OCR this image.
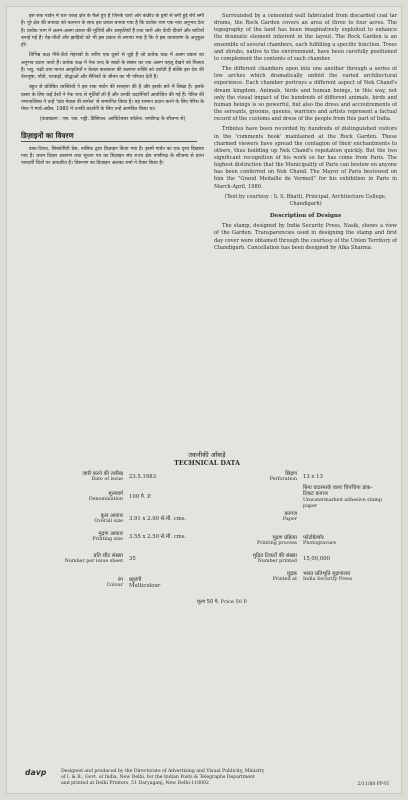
इस राक गार्डन में चार एकड़ क्षेत्र के फैले हुए है जिनके चारों ओर कंक्रीट के ड्रमों से बनी हुई बेंचें लगी है। पूरे क्षेत्र की बनावट को कल्पना के साथ इस प्रकार बनाया गया है कि प्रत्येक भाग एक नया अनुभव देता है। प्रत्येक भाग में अलग-अलग प्रकार की मूर्तियाँ और आकृतियाँ हैं तथा चारों ओर ऊँची दीवारें और घाटियाँ बनाई गई हैं। पेड़-पौधों और झाड़ियों को भी इस प्रकार से लगाया गया है कि वे इस वातावरण के अनुकूल हों।

विभिन्न कक्ष नीचे-ऊँचे मेहराबों के जरिए एक दूसरे से जुड़े हैं जो प्रत्येक कक्ष में अलग प्रकार का अनुभव प्रदान करते हैं। प्रत्येक कक्ष में नेक चन्द के स्वप्नों के संसार का एक अलग पहलू देखने को मिलता है। पशु, पक्षी तथा मानव आकृतियाँ न केवल कलाकार की कल्पना शक्ति को दर्शाती हैं बल्कि इस देश की वेशभूषा, गाँवों, चरवाहों, योद्धाओं और सैनिकों के जीवन का भी परिचय देती हैं।

बहुत से प्रतिष्ठित व्यक्तियों ने इस राक गार्डन की सराहना की है और इसके बारे में लिखा है। इसके प्रसार के लिए कई देशों ने नेक चन्द से मूर्तियाँ ली हैं और उनकी प्रदर्शनियाँ आयोजित की गई हैं। पेरिस की नगरपालिका ने उन्हें 'ग्रांड मेडाल डी वरमेल' से सम्मानित किया है। यह सम्मान प्रदान करने के लिए पेरिस के मेयर ने मार्च-अप्रैल, 1980 में उनकी प्रदर्शनी के लिए उन्हें आमंत्रित किया था।

(पाठ्यक्रम : एस. एस. भट्टी, प्रिंसिपल, आर्किटेक्चर कॉलेज, चण्डीगढ़ के सौजन्य से)

डिज़ाइनों का विवरण

डाक-टिकट, सिक्योरिटी प्रेस, नासिक द्वारा डिज़ाइन किया गया है। इसमें गार्डन का एक दृश्य दिखाया गया है। प्रथम दिवस आवरण तथा सूचना पत्र का डिज़ाइन संघ राज्य क्षेत्र चण्डीगढ़ के सौजन्य से प्राप्त पारदर्शी चित्रों पर आधारित है। विरूपण का डिज़ाइन अलका शर्मा ने तैयार किया है।

Surrounded by a cemented wall fabricated from discarded coal tar drums, the Rock Garden covers an area of three to four acres. The topography of the land has been imaginatively exploited to enhance the dramatic element inherent in the layout. The Rock Garden is an ensemble of several chambers, each fulfilling a specific function. Trees and shrubs, native to the environment, have been carefully positioned to complement the contents of each chamber.

The different chambers open into one another through a series of low arches which dramatically unfold the varied architectural experience. Each chamber portrays a different aspect of Nek Chand's dream kingdom. Animals, birds and human beings, in this way, not only the visual impact of the hundreds of different animals, birds and human beings is so powerful, but also the dress and accoutrements of the servants, grooms, queens, warriors and artists represent a factual record of the customs and dress of the people from this part of India.

Tributes have been recorded by hundreds of distinguished visitors in the 'comments book' maintained at the Rock Garden. These charmed viewers have spread the contagion of their enchantments to others, thus building up Nek Chand's reputation quickly. But the two significant recognition of his work so far has come from Paris. The highest distinction that the Municipality of Paris can bestow on anyone has been conferred on Nek Chand. The Mayor of Paris bestowed on him the "Grand Medaille de Vermeil" for his exhibition in Paris in March-April, 1980.

(Text by courtesy : S. S. Bhatti, Principal, Architecture College, Chandigarh)

Description of Designs

The stamp, designed by India Security Press, Nasik, shows a view of the Garden. Transparencies used in designing the stamp and first day cover were obtained through the courtesy of the Union Territory of Chandigarh. Cancellation has been designed by Alka Sharma.

तकनीकी आँकड़े
TECHNICAL DATA
जारी करने की तारीख
Date of issue 23.5.1983
मूल्यवर्ग
Denomination 100 पै. P.
कुल आकार
Overall size 3.91 x 2.90 से.मी. cms.
मुद्रण आकार
Printing size 3.55 x 2.50 से.मी. cms.
प्रति शीट संख्या
Number per issue sheet 35
रंग
Colour
बहुरंगी
Multicolour
छिद्रण
Perforation 13 x 13
कागज
Paper
बिना वाटरमार्क वाला चिपचिपा डाक-टिकट कागज
Unwatermarked adhesive stamp paper
मुद्रण प्रक्रिया
Printing process
फोटोग्रेव्योर
Photogravure
मुद्रित टिकटों की संख्या
Number printed 15,00,000
मुद्रक
Printed at
भारत प्रतिभूति मुद्रणालय
India Security Press
मूल्य 50 पै. Price 50 P.
davp	Designed and produced by the Directorate of Advertising and Visual Publicity, Ministry
of I. & B., Govt. of India, New Delhi, for the Indian Posts & Telegraphs Department
and printed at Delhi Printers, 51 Daryaganj, New Delhi-110002	2/11/88 PP-VI
